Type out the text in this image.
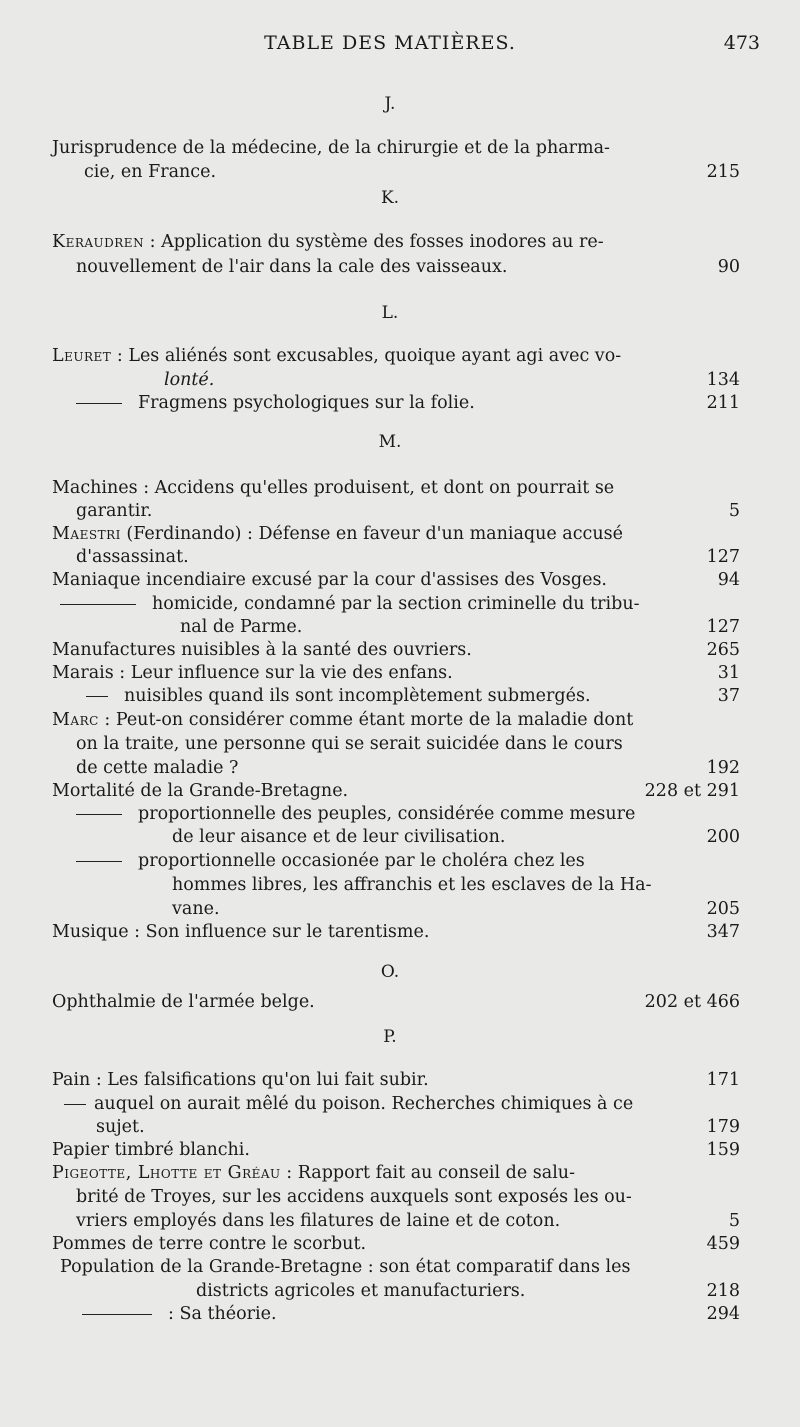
TABLE DES MATIÈRES.	473
J.
Jurisprudence de la médecine, de la chirurgie et de la pharma-
cie, en France.	215
K.
Keraudren : Application du système des fosses inodores au re-
nouvellement de l'air dans la cale des vaisseaux.	90
L.
Leuret : Les aliénés sont excusables, quoique ayant agi avec vo-
lonté.	134
Fragmens psychologiques sur la folie.	211
M.
Machines : Accidens qu'elles produisent, et dont on pourrait se
garantir.	5
Maestri (Ferdinando) : Défense en faveur d'un maniaque accusé
d'assassinat.	127
Maniaque incendiaire excusé par la cour d'assises des Vosges.	94
homicide, condamné par la section criminelle du tribu-
nal de Parme.	127
Manufactures nuisibles à la santé des ouvriers.	265
Marais : Leur influence sur la vie des enfans.	31
nuisibles quand ils sont incomplètement submergés.	37
Marc : Peut-on considérer comme étant morte de la maladie dont
on la traite, une personne qui se serait suicidée dans le cours
de cette maladie ?	192
Mortalité de la Grande-Bretagne.	228 et 291
proportionnelle des peuples, considérée comme mesure
de leur aisance et de leur civilisation.	200
proportionnelle occasionée par le choléra chez les
hommes libres, les affranchis et les esclaves de la Ha-
vane.	205
Musique : Son influence sur le tarentisme.	347
O.
Ophthalmie de l'armée belge.	202 et 466
P.
Pain : Les falsifications qu'on lui fait subir.	171
auquel on aurait mêlé du poison. Recherches chimiques à ce
sujet.	179
Papier timbré blanchi.	159
Pigeotte, Lhotte et Gréau : Rapport fait au conseil de salu-
brité de Troyes, sur les accidens auxquels sont exposés les ou-
vriers employés dans les filatures de laine et de coton.	5
Pommes de terre contre le scorbut.	459
Population de la Grande-Bretagne : son état comparatif dans les
districts agricoles et manufacturiers.	218
: Sa théorie.	294
